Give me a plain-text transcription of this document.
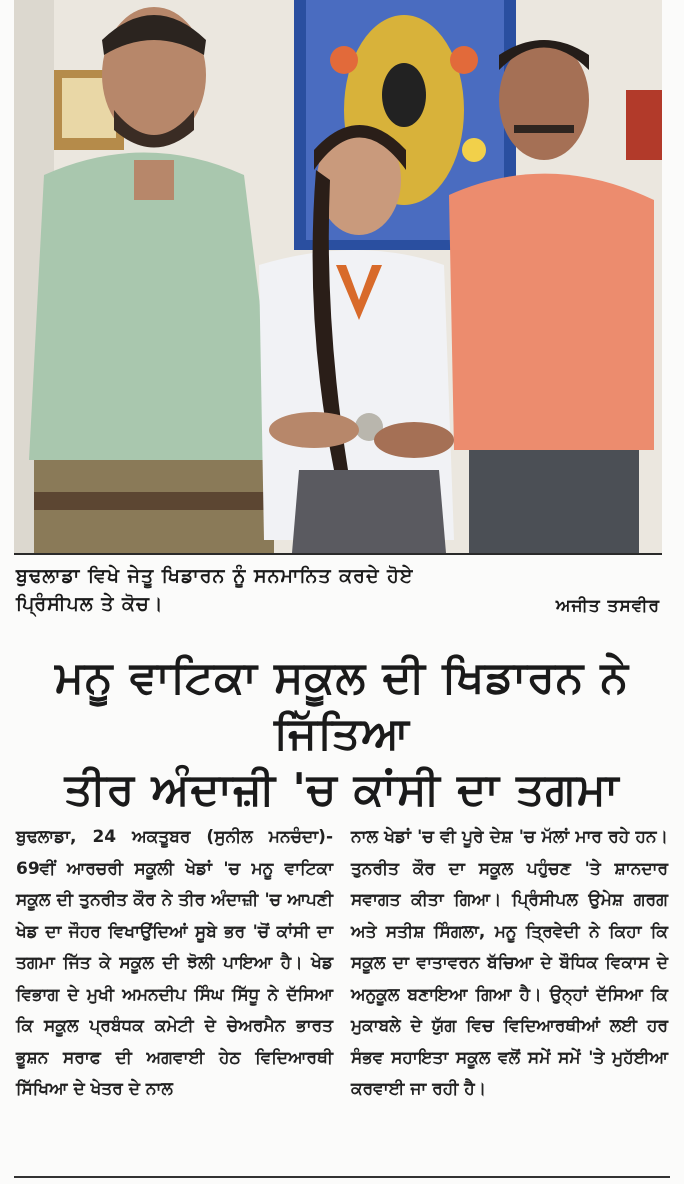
ਬੁਢਲਾਡਾ ਵਿਖੇ ਜੇਤੂ ਖਿਡਾਰਨ ਨੂੰ ਸਨਮਾਨਿਤ ਕਰਦੇ ਹੋਏ
ਪ੍ਰਿੰਸੀਪਲ ਤੇ ਕੋਚ।	ਅਜੀਤ ਤਸਵੀਰ
ਮਨੂ ਵਾਟਿਕਾ ਸਕੂਲ ਦੀ ਖਿਡਾਰਨ ਨੇ ਜਿੱਤਿਆ
ਤੀਰ ਅੰਦਾਜ਼ੀ 'ਚ ਕਾਂਸੀ ਦਾ ਤਗਮਾ
ਬੁਢਲਾਡਾ, 24 ਅਕਤੂਬਰ (ਸੁਨੀਲ ਮਨਚੰਦਾ)- 69ਵੀਂ ਆਰਚਰੀ ਸਕੂਲੀ ਖੇਡਾਂ 'ਚ ਮਨੂ ਵਾਟਿਕਾ ਸਕੂਲ ਦੀ ਤੁਨਰੀਤ ਕੌਰ ਨੇ ਤੀਰ ਅੰਦਾਜ਼ੀ 'ਚ ਆਪਣੀ ਖੇਡ ਦਾ ਜੌਹਰ ਵਿਖਾਉਂਦਿਆਂ ਸੂਬੇ ਭਰ 'ਚੋਂ ਕਾਂਸੀ ਦਾ ਤਗਮਾ ਜਿੱਤ ਕੇ ਸਕੂਲ ਦੀ ਝੋਲੀ ਪਾਇਆ ਹੈ। ਖੇਡ ਵਿਭਾਗ ਦੇ ਮੁਖੀ ਅਮਨਦੀਪ ਸਿੰਘ ਸਿੱਧੂ ਨੇ ਦੱਸਿਆ ਕਿ ਸਕੂਲ ਪ੍ਰਬੰਧਕ ਕਮੇਟੀ ਦੇ ਚੇਅਰਮੈਨ ਭਾਰਤ ਭੂਸ਼ਨ ਸਰਾਫ ਦੀ ਅਗਵਾਈ ਹੇਠ ਵਿਦਿਆਰਥੀ ਸਿੱਖਿਆ ਦੇ ਖੇਤਰ ਦੇ ਨਾਲ
ਨਾਲ ਖੇਡਾਂ 'ਚ ਵੀ ਪੂਰੇ ਦੇਸ਼ 'ਚ ਮੱਲਾਂ ਮਾਰ ਰਹੇ ਹਨ। ਤੁਨਰੀਤ ਕੌਰ ਦਾ ਸਕੂਲ ਪਹੁੰਚਣ 'ਤੇ ਸ਼ਾਨਦਾਰ ਸਵਾਗਤ ਕੀਤਾ ਗਿਆ। ਪ੍ਰਿੰਸੀਪਲ ਉਮੇਸ਼ ਗਰਗ ਅਤੇ ਸਤੀਸ਼ ਸਿੰਗਲਾ, ਮਨੂ ਤ੍ਰਿਵੇਦੀ ਨੇ ਕਿਹਾ ਕਿ ਸਕੂਲ ਦਾ ਵਾਤਾਵਰਨ ਬੱਚਿਆ ਦੇ ਬੌਧਿਕ ਵਿਕਾਸ ਦੇ ਅਨੁਕੂਲ ਬਣਾਇਆ ਗਿਆ ਹੈ। ਉਨ੍ਹਾਂ ਦੱਸਿਆ ਕਿ ਮੁਕਾਬਲੇ ਦੇ ਯੁੱਗ ਵਿਚ ਵਿਦਿਆਰਥੀਆਂ ਲਈ ਹਰ ਸੰਭਵ ਸਹਾਇਤਾ ਸਕੂਲ ਵਲੋਂ ਸਮੇਂ ਸਮੇਂ 'ਤੇ ਮੁਹੱਈਆ ਕਰਵਾਈ ਜਾ ਰਹੀ ਹੈ।
